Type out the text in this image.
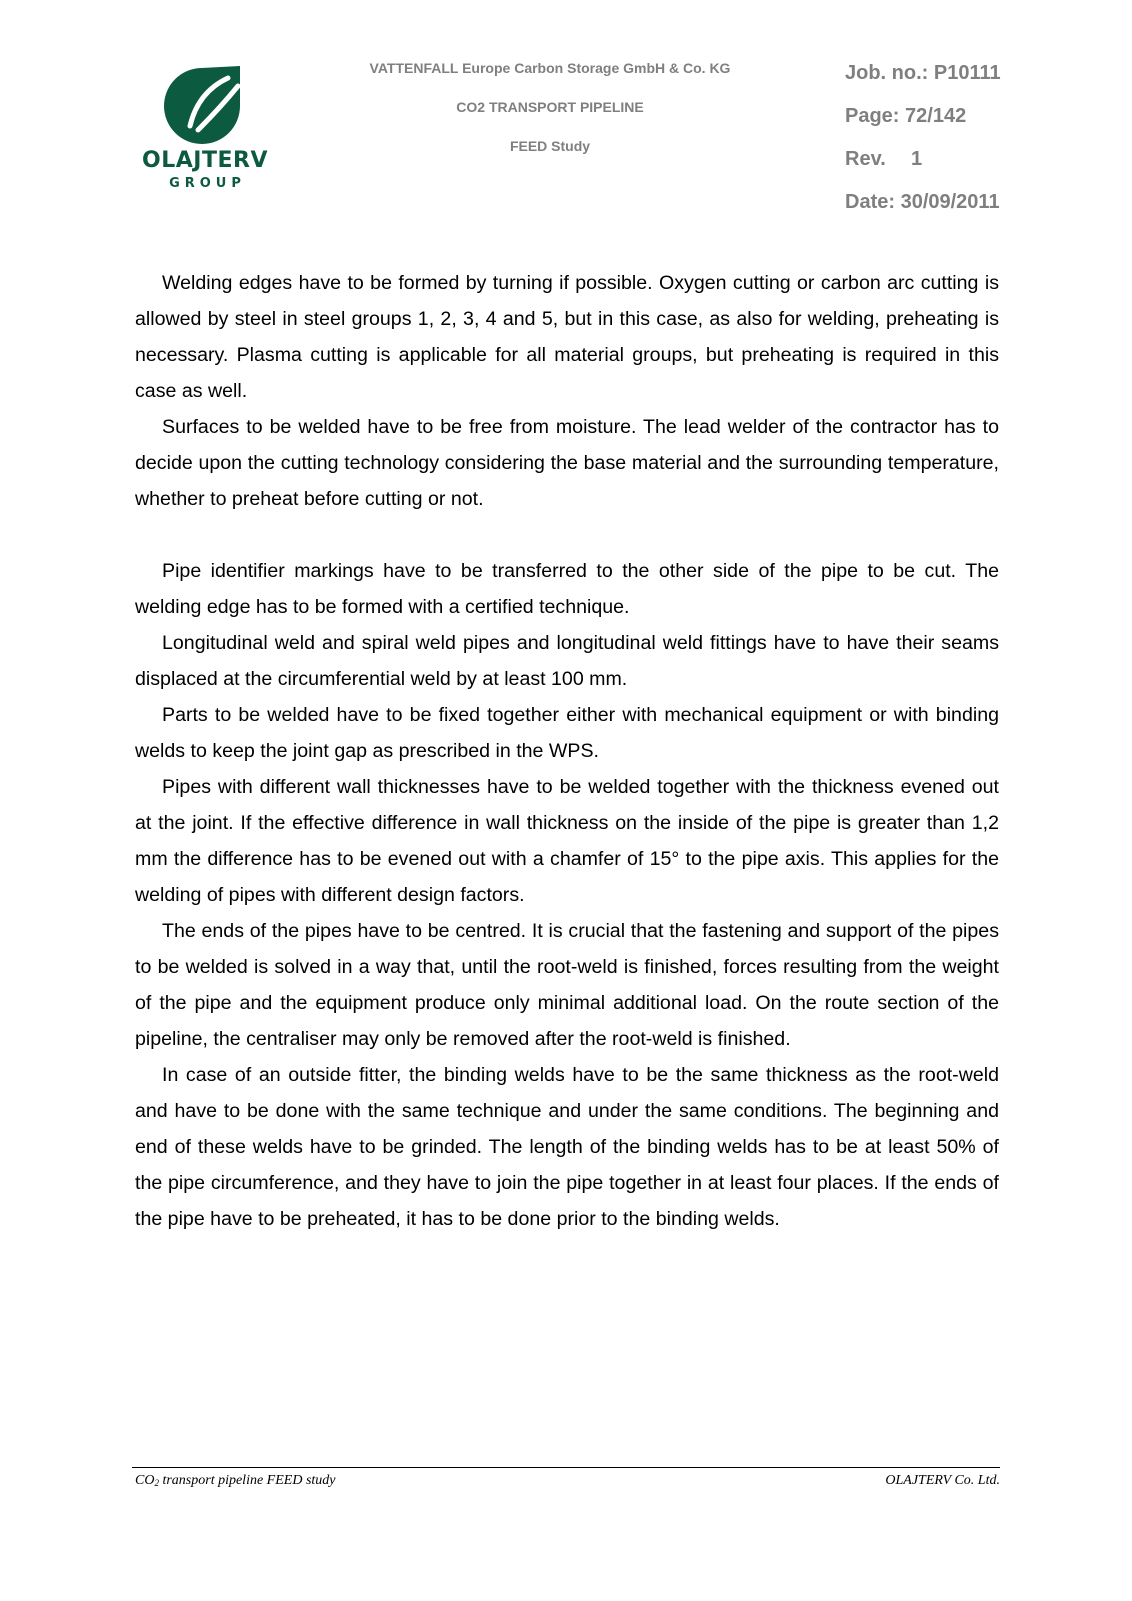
OLAJTERV
GROUP
VATTENFALL Europe Carbon Storage GmbH & Co. KG
CO2 TRANSPORT PIPELINE
FEED Study
Job. no.: P10111
Page: 72/142
Rev. 1
Date: 30/09/2011

Welding edges have to be formed by turning if possible. Oxygen cutting or carbon arc cutting is allowed by steel in steel groups 1, 2, 3, 4 and 5, but in this case, as also for welding, preheating is necessary. Plasma cutting is applicable for all material groups, but preheating is required in this case as well.

Surfaces to be welded have to be free from moisture. The lead welder of the contractor has to decide upon the cutting technology considering the base material and the surrounding temperature, whether to preheat before cutting or not.

Pipe identifier markings have to be transferred to the other side of the pipe to be cut. The welding edge has to be formed with a certified technique.

Longitudinal weld and spiral weld pipes and longitudinal weld fittings have to have their seams displaced at the circumferential weld by at least 100 mm.

Parts to be welded have to be fixed together either with mechanical equipment or with binding welds to keep the joint gap as prescribed in the WPS.

Pipes with different wall thicknesses have to be welded together with the thickness evened out at the joint. If the effective difference in wall thickness on the inside of the pipe is greater than 1,2 mm the difference has to be evened out with a chamfer of 15° to the pipe axis. This applies for the welding of pipes with different design factors.

The ends of the pipes have to be centred. It is crucial that the fastening and support of the pipes to be welded is solved in a way that, until the root-weld is finished, forces resulting from the weight of the pipe and the equipment produce only minimal additional load. On the route section of the pipeline, the centraliser may only be removed after the root-weld is finished.

In case of an outside fitter, the binding welds have to be the same thickness as the root-weld and have to be done with the same technique and under the same conditions. The beginning and end of these welds have to be grinded. The length of the binding welds has to be at least 50% of the pipe circumference, and they have to join the pipe together in at least four places. If the ends of the pipe have to be preheated, it has to be done prior to the binding welds.

$CO_2$ transport pipeline FEED study	OLAJTERV Co. Ltd.
